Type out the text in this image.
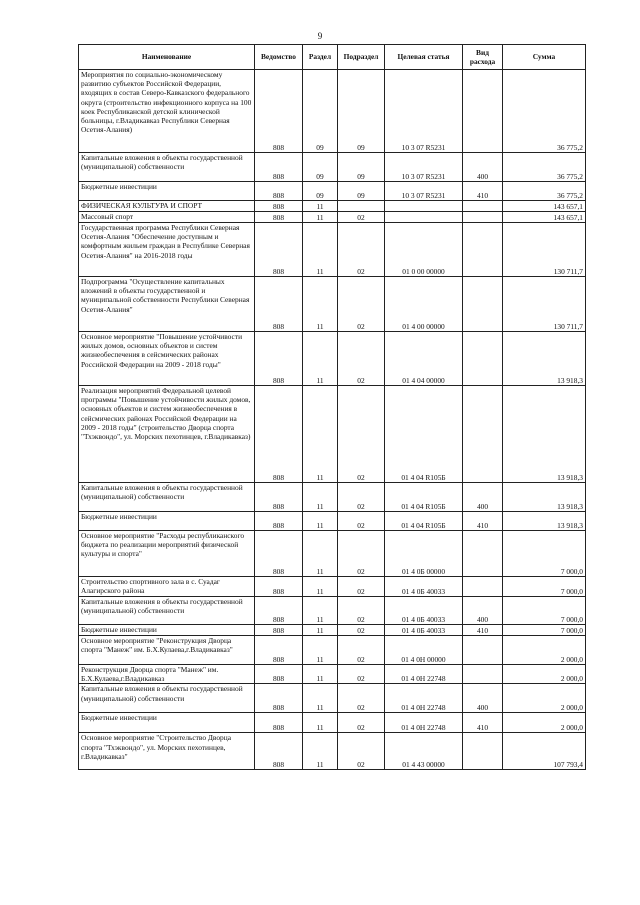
9
Наименование	Ведомство	Раздел	Подраздел	Целевая статья	Вид расхода	Сумма
Мероприятия по социально-экономическому развитию субъектов Российской Федерации, входящих в состав Северо-Кавказского федерального округа (строительство инфекционного корпуса на 100 коек Республиканской детской клинической больницы, г.Владикавказ Республики Северная Осетия-Алания)	808	09	09	10 3 07 R5231		36 775,2
Капитальные вложения в объекты государственной (муниципальной) собственности	808	09	09	10 3 07 R5231	400	36 775,2
Бюджетные инвестиции	808	09	09	10 3 07 R5231	410	36 775,2
ФИЗИЧЕСКАЯ КУЛЬТУРА И СПОРТ	808	11				143 657,1
Массовый спорт	808	11	02			143 657,1
Государственная программа Республики Северная Осетия-Алания "Обеспечение доступным и комфортным жильем граждан в Республике Северная Осетия-Алания" на 2016-2018 годы	808	11	02	01 0 00 00000		130 711,7
Подпрограмма "Осуществление капитальных вложений в объекты государственной и муниципальной собственности Республики Северная Осетия-Алания"	808	11	02	01 4 00 00000		130 711,7
Основное мероприятие "Повышение устойчивости жилых домов, основных объектов и систем жизнеобеспечения в сейсмических районах Российской Федерации на 2009 - 2018 годы"	808	11	02	01 4 04 00000		13 918,3
Реализация мероприятий Федеральной целевой программы "Повышение устойчивости жилых домов, основных объектов и систем жизнеобеспечения в сейсмических районах Российской Федерации на 2009 - 2018 годы" (строительство Дворца спорта "Тхэквондо", ул. Морских пехотинцев, г.Владикавказ)	808	11	02	01 4 04 R105Б		13 918,3
Капитальные вложения в объекты государственной (муниципальной) собственности	808	11	02	01 4 04 R105Б	400	13 918,3
Бюджетные инвестиции	808	11	02	01 4 04 R105Б	410	13 918,3
Основное мероприятие "Расходы республиканского бюджета по реализации мероприятий физической культуры и спорта"	808	11	02	01 4 0Б 00000		7 000,0
Строительство спортивного зала в с. Суадаг Алагирского района	808	11	02	01 4 0Б 40033		7 000,0
Капитальные вложения в объекты государственной (муниципальной) собственности	808	11	02	01 4 0Б 40033	400	7 000,0
Бюджетные инвестиции	808	11	02	01 4 0Б 40033	410	7 000,0
Основное мероприятие "Реконструкция Дворца спорта "Манеж" им. Б.Х.Кулаева,г.Владикавказ"	808	11	02	01 4 0Н 00000		2 000,0
Реконструкция Дворца спорта "Манеж" им. Б.Х.Кулаева,г.Владикавказ	808	11	02	01 4 0Н 22748		2 000,0
Капитальные вложения в объекты государственной (муниципальной) собственности	808	11	02	01 4 0Н 22748	400	2 000,0
Бюджетные инвестиции	808	11	02	01 4 0Н 22748	410	2 000,0
Основное мероприятие "Строительство Дворца спорта "Тхэквондо", ул. Морских пехотинцев, г.Владикавказ"	808	11	02	01 4 43 00000		107 793,4
